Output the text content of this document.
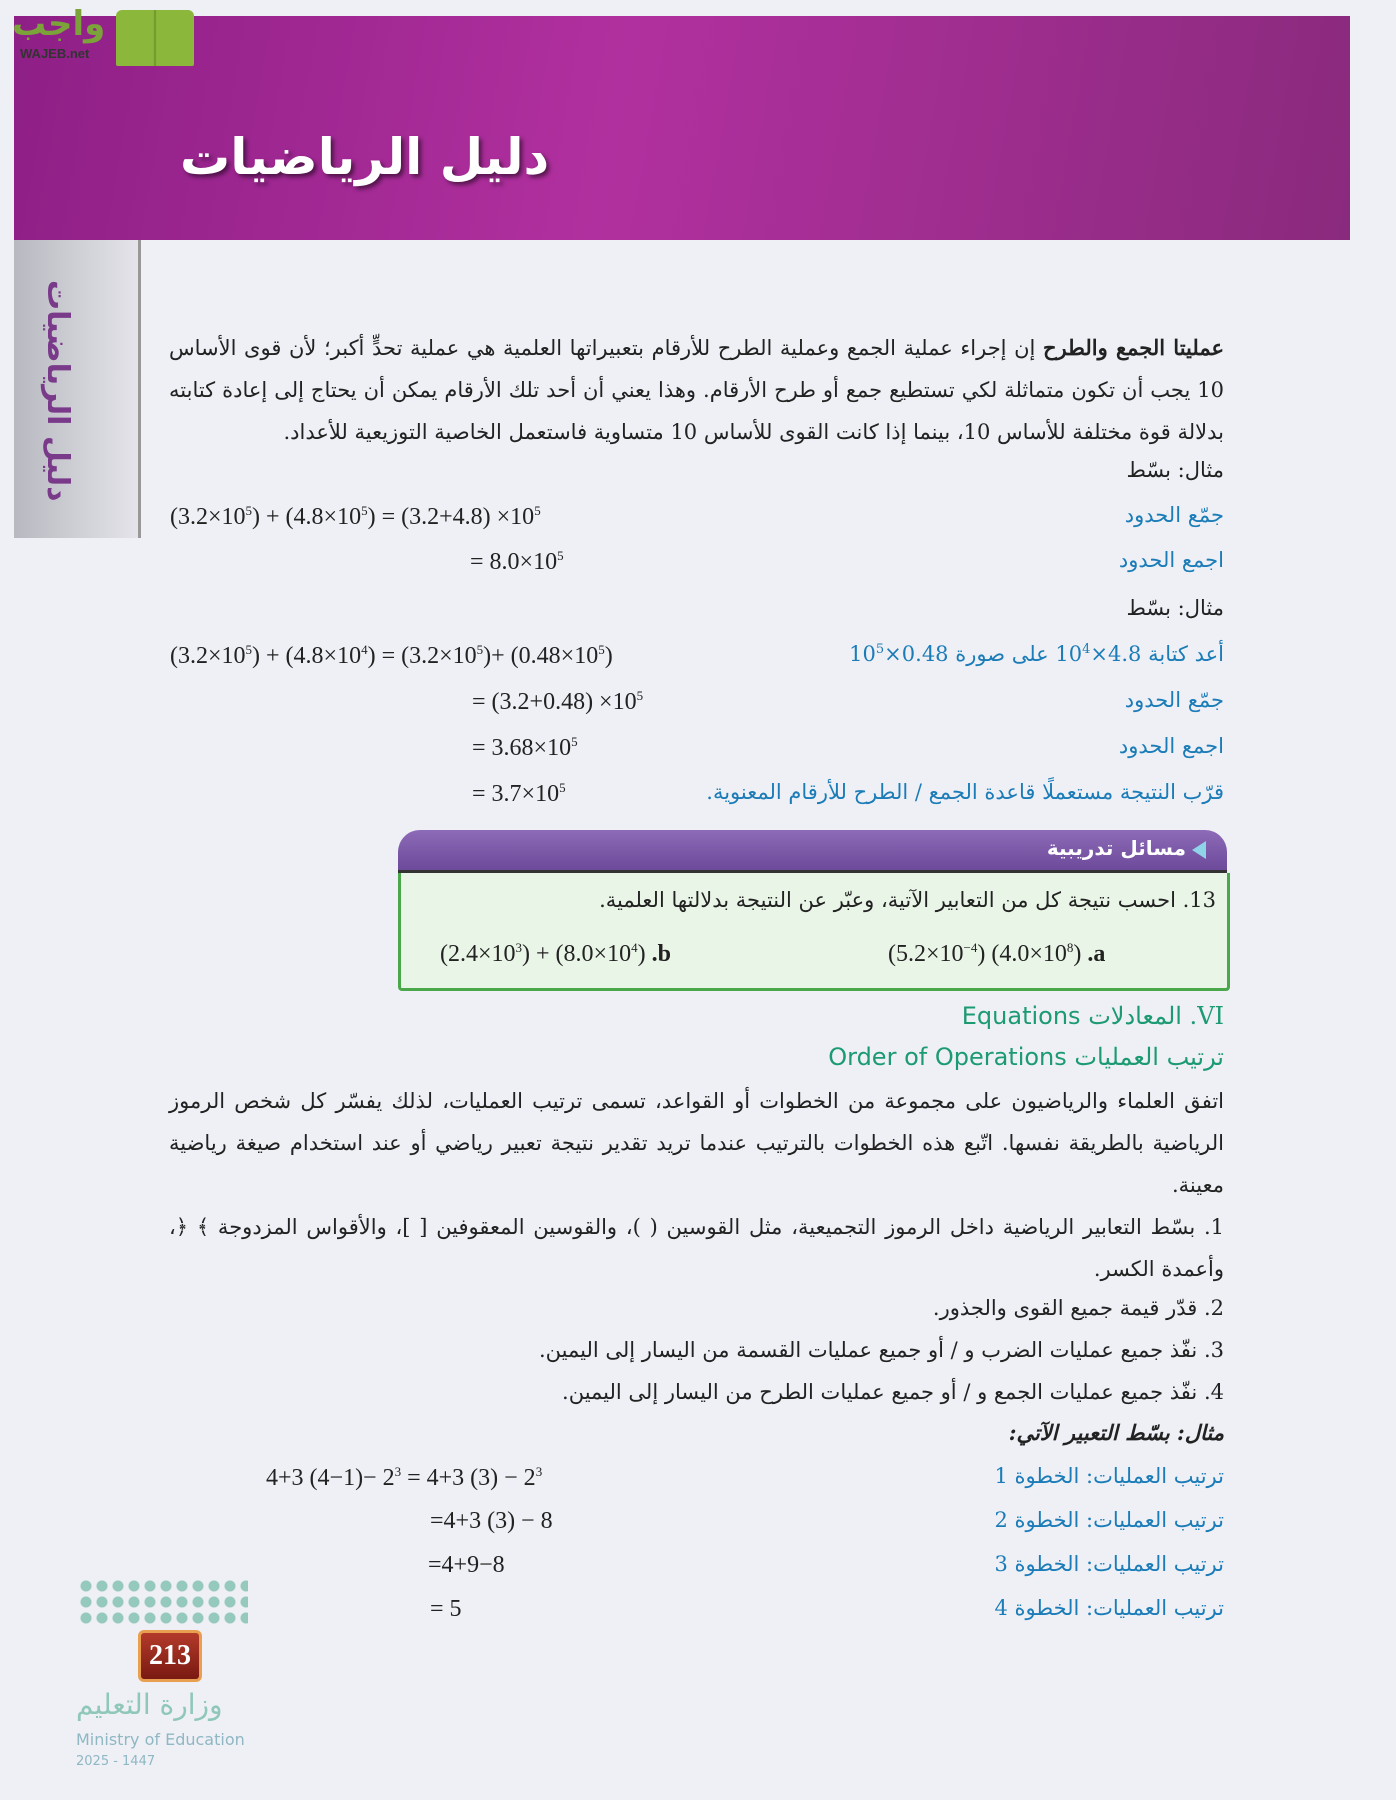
دليل الرياضيات
واجب
WAJEB.net
دليل الرياضيات	عمليتا الجمع والطرح إن إجراء عملية الجمع وعملية الطرح للأرقام بتعبيراتها العلمية هي عملية تحدٍّ أكبر؛ لأن قوى الأساس 10 يجب أن تكون متماثلة لكي تستطيع جمع أو طرح الأرقام. وهذا يعني أن أحد تلك الأرقام يمكن أن يحتاج إلى إعادة كتابته بدلالة قوة مختلفة للأساس 10، بينما إذا كانت القوى للأساس 10 متساوية فاستعمل الخاصية التوزيعية للأعداد.
مثال: بسّط
جمّع الحدود
$(3.2\times 10^5) + (4.8\times 10^5) = (3.2+4.8) \times 10^5$
اجمع الحدود
= $8.0\times 10^5$
مثال: بسّط
أعد كتابة $4.8\times 10^4$ على صورة $0.48\times 10^5$
$(3.2\times 10^5) + (4.8\times 10^4) = (3.2\times 10^5)+ (0.48\times 10^5)$
جمّع الحدود
= $(3.2+0.48) \times 10^5$
اجمع الحدود
= $3.68\times 10^5$
قرّب النتيجة مستعملًا قاعدة الجمع / الطرح للأرقام المعنوية.
= $3.7\times 10^5$
مثال: بسّط التعبير الآتي:
ترتيب العمليات: الخطوة 1
4+3 $(4-1)- 2^3 = 4+3$ $(3) - 2^3$
ترتيب العمليات: الخطوة 2
=4+3 (3) − 8
ترتيب العمليات: الخطوة 3
=4+9−8
ترتيب العمليات: الخطوة 4
= 5
مسائل تدريبية
13. احسب نتيجة كل من التعابير الآتية، وعبّر عن النتيجة بدلالتها العلمية.
$(5.2\times 10^{-4})$ $(4.0\times 10^8)$ .a
$(2.4\times 10^3) + (8.0\times 10^4)$ .b
VI. المعادلات Equations
ترتيب العمليات Order of Operations
اتفق العلماء والرياضيون على مجموعة من الخطوات أو القواعد، تسمى ترتيب العمليات، لذلك يفسّر كل شخص الرموز الرياضية بالطريقة نفسها. اتّبع هذه الخطوات بالترتيب عندما تريد تقدير نتيجة تعبير رياضي أو عند استخدام صيغة رياضية معينة.
1. بسّط التعابير الرياضية داخل الرموز التجميعية، مثل القوسين ( )، والقوسين المعقوفين [ ]، والأقواس المزدوجة ﴾ ﴿، وأعمدة الكسر.
2. قدّر قيمة جميع القوى والجذور.
3. نفّذ جميع عمليات الضرب و / أو جميع عمليات القسمة من اليسار إلى اليمين.
4. نفّذ جميع عمليات الجمع و / أو جميع عمليات الطرح من اليسار إلى اليمين.
213
وزارة التعليم
Ministry of Education
2025 - 1447
